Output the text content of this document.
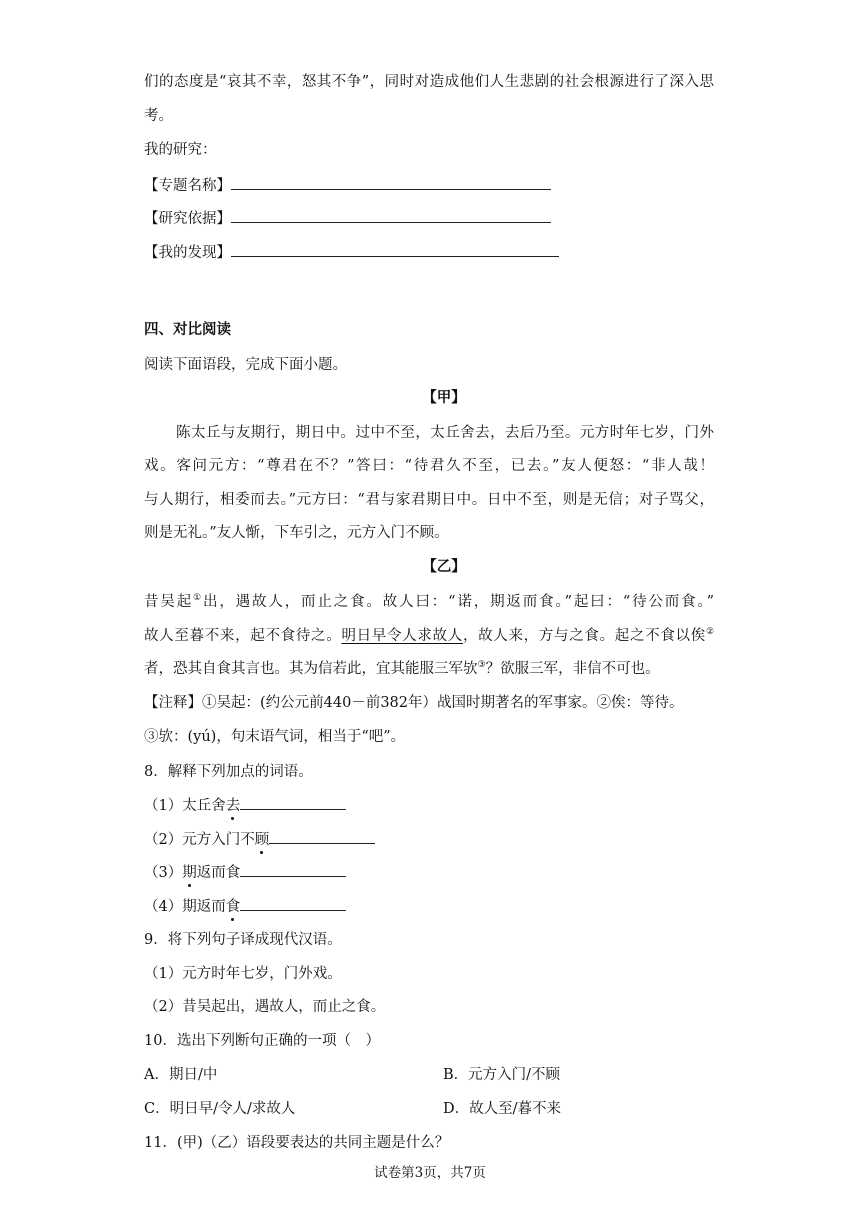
们的态度是“哀其不幸，怒其不争”，同时对造成他们人生悲剧的社会根源进行了深入思
考。
我的研究：
【专题名称】
【研究依据】
【我的发现】
四、对比阅读
阅读下面语段，完成下面小题。
【甲】
陈太丘与友期行，期日中。过中不至，太丘舍去，去后乃至。元方时年七岁，门外
戏。客问元方：“尊君在不？”答曰：“待君久不至，已去。”友人便怒：“非人哉！
与人期行，相委而去。”元方曰：“君与家君期日中。日中不至，则是无信；对子骂父，
则是无礼。”友人惭，下车引之，元方入门不顾。
【乙】
昔吴起①出，遇故人，而止之食。故人曰：“诺，期返而食。”起曰：“待公而食。”
故人至暮不来，起不食待之。明日早令人求故人，故人来，方与之食。起之不食以俟②
者，恐其自食其言也。其为信若此，宜其能服三军欤③？欲服三军，非信不可也。
【注释】①吴起：(约公元前440－前382年）战国时期著名的军事家。②俟：等待。
③欤：(yú)，句末语气词，相当于“吧”。
8．解释下列加点的词语。
（1）太丘舍去
（2）元方入门不顾
（3）期返而食
（4）期返而食
9．将下列句子译成现代汉语。
（1）元方时年七岁，门外戏。
（2）昔吴起出，遇故人，而止之食。
10．选出下列断句正确的一项（　）
A．期日/中	B．元方入门/不顾
C．明日早/令人/求故人	D．故人至/暮不来
11．(甲)（乙）语段要表达的共同主题是什么？
试卷第3页，共7页
